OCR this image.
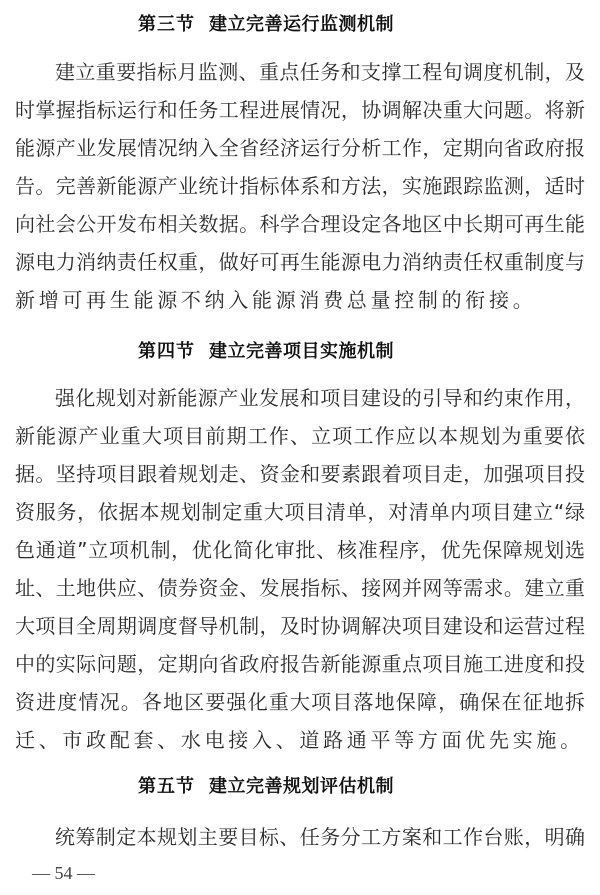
第三节 建立完善运行监测机制
建立重要指标月监测、重点任务和支撑工程旬调度机制，及
时掌握指标运行和任务工程进展情况，协调解决重大问题。将新
能源产业发展情况纳入全省经济运行分析工作，定期向省政府报
告。完善新能源产业统计指标体系和方法，实施跟踪监测，适时
向社会公开发布相关数据。科学合理设定各地区中长期可再生能
源电力消纳责任权重，做好可再生能源电力消纳责任权重制度与
新增可再生能源不纳入能源消费总量控制的衔接。
第四节 建立完善项目实施机制
强化规划对新能源产业发展和项目建设的引导和约束作用，
新能源产业重大项目前期工作、立项工作应以本规划为重要依
据。坚持项目跟着规划走、资金和要素跟着项目走，加强项目投
资服务，依据本规划制定重大项目清单，对清单内项目建立“绿
色通道”立项机制，优化简化审批、核准程序，优先保障规划选
址、土地供应、债券资金、发展指标、接网并网等需求。建立重
大项目全周期调度督导机制，及时协调解决项目建设和运营过程
中的实际问题，定期向省政府报告新能源重点项目施工进度和投
资进度情况。各地区要强化重大项目落地保障，确保在征地拆
迁、市政配套、水电接入、道路通平等方面优先实施。
第五节 建立完善规划评估机制
统筹制定本规划主要目标、任务分工方案和工作台账，明确
— 54 —
